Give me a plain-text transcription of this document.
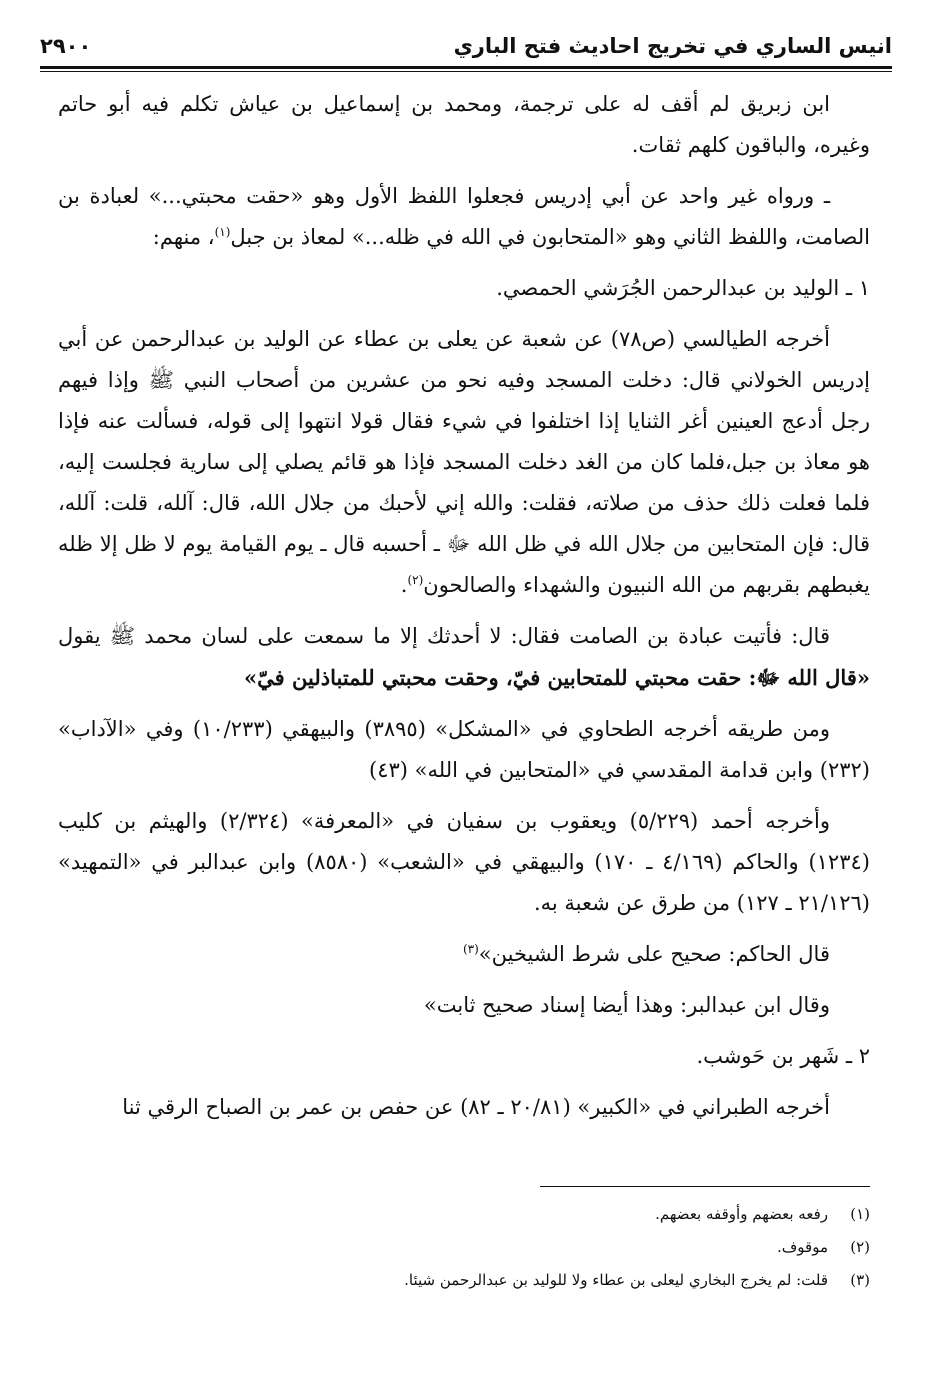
انيس الساري في تخريج احاديث فتح الباري
٢٩٠٠

ابن زبريق لم أقف له على ترجمة، ومحمد بن إسماعيل بن عياش تكلم فيه أبو حاتم وغيره، والباقون كلهم ثقات.

ـ ورواه غير واحد عن أبي إدريس فجعلوا اللفظ الأول وهو «حقت محبتي...» لعبادة بن الصامت، واللفظ الثاني وهو «المتحابون في الله في ظله...» لمعاذ بن جبل$^{(١)}$، منهم:

١ ـ الوليد بن عبدالرحمن الجُرَشي الحمصي.

أخرجه الطيالسي (ص٧٨) عن شعبة عن يعلى بن عطاء عن الوليد بن عبدالرحمن عن أبي إدريس الخولاني قال: دخلت المسجد وفيه نحو من عشرين من أصحاب النبي ﷺ وإذا فيهم رجل أدعج العينين أغر الثنايا إذا اختلفوا في شيء فقال قولا انتهوا إلى قوله، فسألت عنه فإذا هو معاذ بن جبل،فلما كان من الغد دخلت المسجد فإذا هو قائم يصلي إلى سارية فجلست إليه، فلما فعلت ذلك حذف من صلاته، فقلت: والله إني لأحبك من جلال الله، قال: آلله، قلت: آلله، قال: فإن المتحابين من جلال الله في ظل الله ﷻ ـ أحسبه قال ـ يوم القيامة يوم لا ظل إلا ظله يغبطهم بقربهم من الله النبيون والشهداء والصالحون$^{(٢)}$.

قال: فأتيت عبادة بن الصامت فقال: لا أحدثك إلا ما سمعت على لسان محمد ﷺ يقول «قال الله ﷻ: حقت محبتي للمتحابين فيّ، وحقت محبتي للمتباذلين فيّ»

ومن طريقه أخرجه الطحاوي في «المشكل» (٣٨٩٥) والبيهقي (١٠/٢٣٣) وفي «الآداب» (٢٣٢) وابن قدامة المقدسي في «المتحابين في الله» (٤٣)

وأخرجه أحمد (٥/٢٢٩) ويعقوب بن سفيان في «المعرفة» (٢/٣٢٤) والهيثم بن كليب (١٢٣٤) والحاكم (٤/١٦٩ ـ ١٧٠) والبيهقي في «الشعب» (٨٥٨٠) وابن عبدالبر في «التمهيد» (٢١/١٢٦ ـ ١٢٧) من طرق عن شعبة به.

قال الحاكم: صحيح على شرط الشيخين»$^{(٣)}$

وقال ابن عبدالبر: وهذا أيضا إسناد صحيح ثابت»

٢ ـ شَهر بن حَوشب.

أخرجه الطبراني في «الكبير» (٢٠/٨١ ـ ٨٢) عن حفص بن عمر بن الصباح الرقي ثنا

(١)
رفعه بعضهم وأوقفه بعضهم.
(٢)
موقوف.
(٣)
قلت: لم يخرج البخاري ليعلى بن عطاء ولا للوليد بن عبدالرحمن شيئا.
